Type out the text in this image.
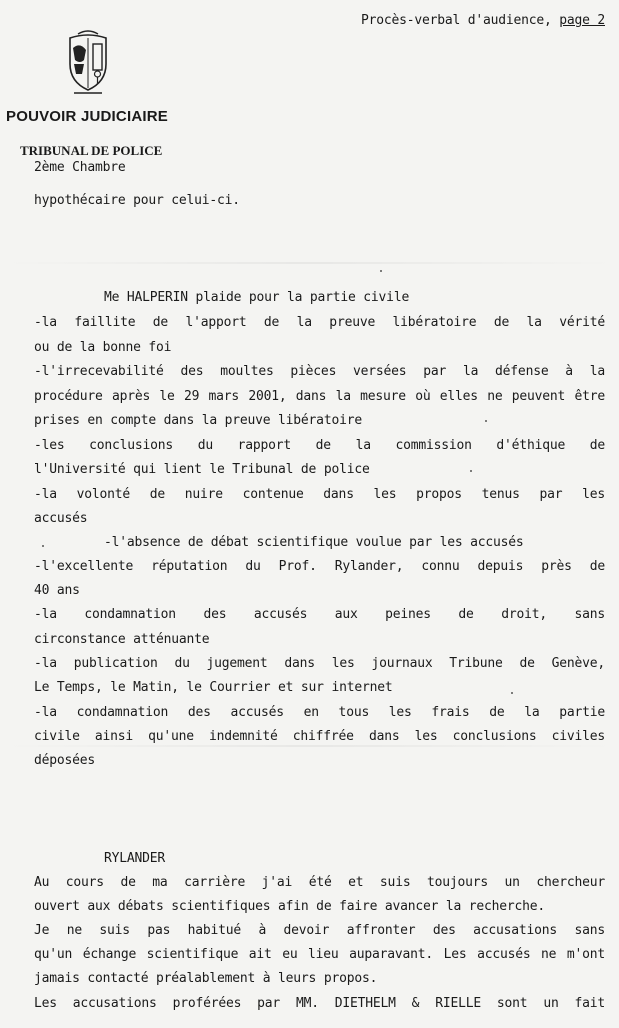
Procès-verbal d'audience, page 2
POUVOIR JUDICIAIRE
TRIBUNAL DE POLICE
2ème Chambre
hypothécaire pour celui-ci.
Me HALPERIN plaide pour la partie civile
-la faillite de l'apport de la preuve libératoire de la vérité
ou de la bonne foi
-l'irrecevabilité des moultes pièces versées par la défense à la
procédure après le 29 mars 2001, dans la mesure où elles ne peuvent être
prises en compte dans la preuve libératoire
-les conclusions du rapport de la commission d'éthique de
l'Université qui lient le Tribunal de police
-la volonté de nuire contenue dans les propos tenus par les
accusés
-l'absence de débat scientifique voulue par les accusés
-l'excellente réputation du Prof. Rylander, connu depuis près de
40 ans
-la condamnation des accusés aux peines de droit, sans
circonstance atténuante
-la publication du jugement dans les journaux Tribune de Genève,
Le Temps, le Matin, le Courrier et sur internet
-la condamnation des accusés en tous les frais de la partie
civile ainsi qu'une indemnité chiffrée dans les conclusions civiles
déposées
RYLANDER
Au cours de ma carrière j'ai été et suis toujours un chercheur
ouvert aux débats scientifiques afin de faire avancer la recherche.
Je ne suis pas habitué à devoir affronter des accusations sans
qu'un échange scientifique ait eu lieu auparavant. Les accusés ne m'ont
jamais contacté préalablement à leurs propos.
Les accusations proférées par MM. DIETHELM & RIELLE sont un fait
